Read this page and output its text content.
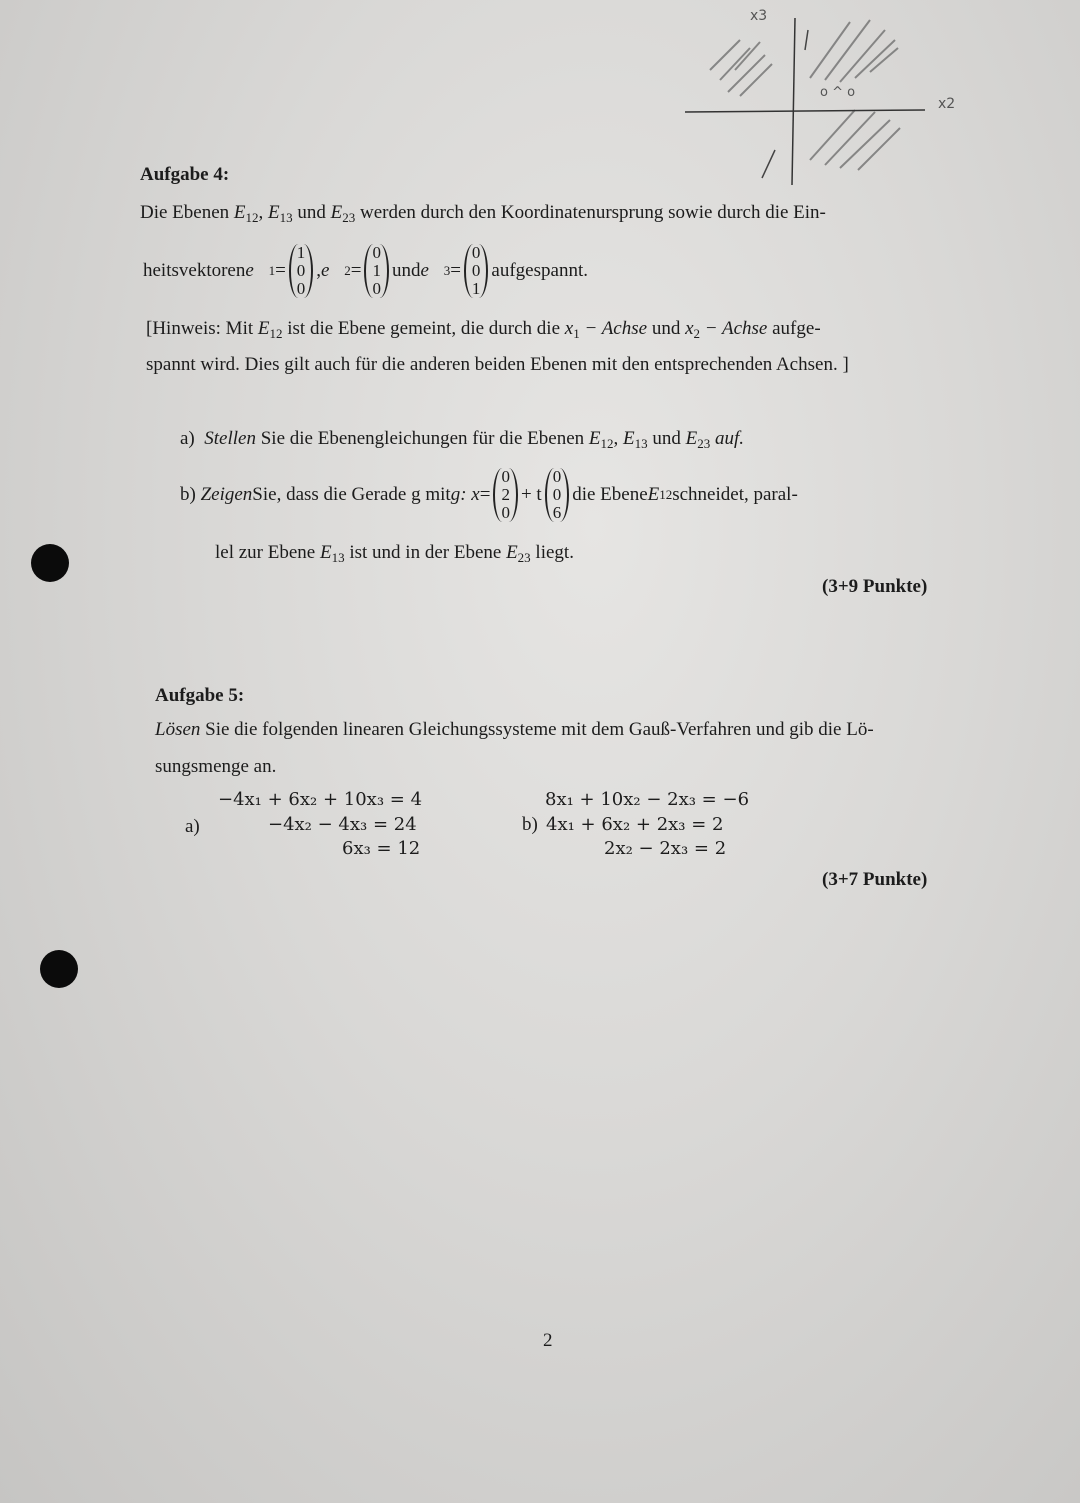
x3
x2
o ^ o
Aufgabe 4:
Die Ebenen $E_{12}$, $E_{13}$ und $E_{23}$ werden durch den Koordinatenursprung sowie durch die Ein-
heitsvektoren e⃗ 1 =
1
0
0
, e⃗ 2 =
0
1
0
und e⃗ 3 =
0
0
1
aufgespannt.
[Hinweis: Mit $E_{12}$ ist die Ebene gemeint, die durch die $x_1$ − Achse und $x_2$ − Achse aufge-
spannt wird. Dies gilt auch für die anderen beiden Ebenen mit den entsprechenden Achsen. ]
a) Stellen Sie die Ebenengleichungen für die Ebenen $E_{12}$, $E_{13}$ und $E_{23}$ auf.
b)
Zeigen Sie, dass die Gerade g mit g: x =
0
2
0
+ t
0
0
6
die Ebene E 12 schneidet, paral-
lel zur Ebene $E_{13}$ ist und in der Ebene $E_{23}$ liegt.
(3+9 Punkte)
Aufgabe 5:
Lösen Sie die folgenden linearen Gleichungssysteme mit dem Gauß-Verfahren und gib die Lö-
sungsmenge an.
a)
−4x₁ + 6x₂ + 10x₃ = 4
−4x₂ − 4x₃ = 24
6x₃ = 12
b)
8x₁ + 10x₂ − 2x₃ = −6
4x₁ + 6x₂ + 2x₃ = 2
2x₂ − 2x₃ = 2
(3+7 Punkte)
2
